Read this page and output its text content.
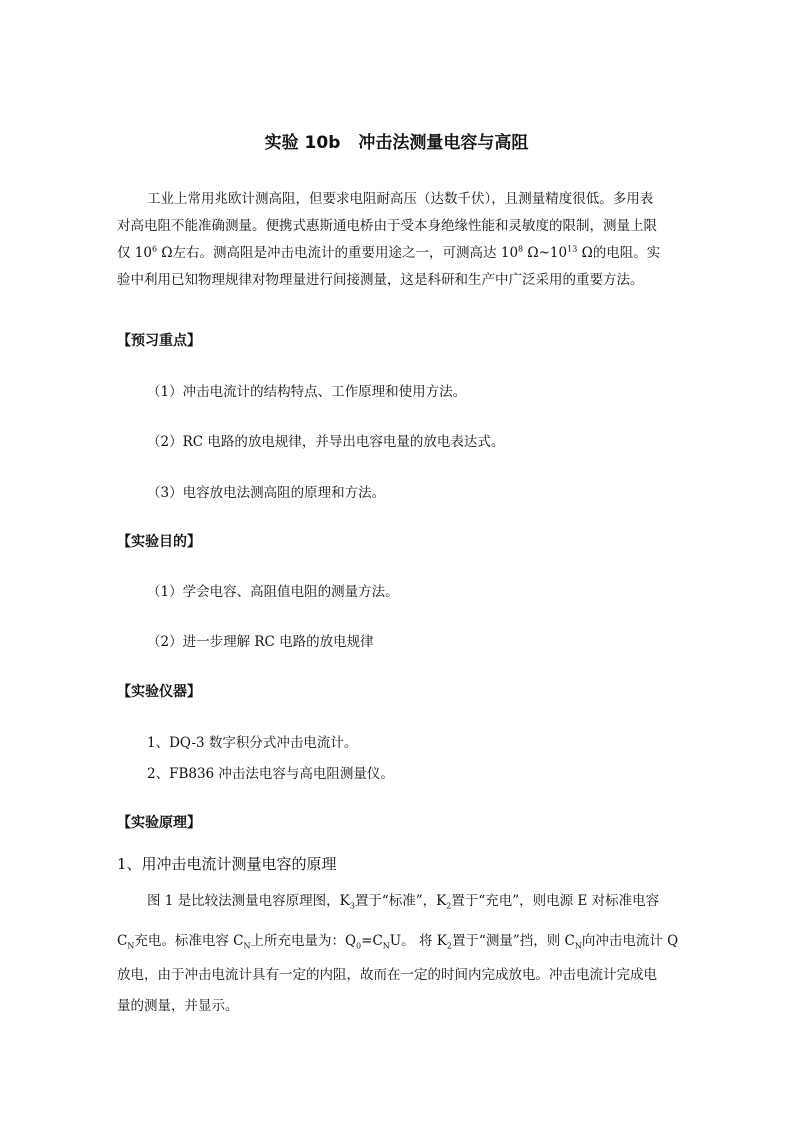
实验 10b 冲击法测量电容与高阻
工业上常用兆欧计测高阻，但要求电阻耐高压（达数千伏），且测量精度很低。多用表
对高电阻不能准确测量。便携式惠斯通电桥由于受本身绝缘性能和灵敏度的限制，测量上限
仅 $10^6$ Ω左右。测高阻是冲击电流计的重要用途之一，可测高达 $10^8$ $\Omega\sim 10^{13}$ Ω的电阻。实
验中利用已知物理规律对物理量进行间接测量，这是科研和生产中广泛采用的重要方法。
【预习重点】
（1）冲击电流计的结构特点、工作原理和使用方法。
（2）RC 电路的放电规律，并导出电容电量的放电表达式。
（3）电容放电法测高阻的原理和方法。
【实验目的】
（1）学会电容、高阻值电阻的测量方法。
（2）进一步理解 RC 电路的放电规律
【实验仪器】
1、DQ-3 数字积分式冲击电流计。
2、FB836 冲击法电容与高电阻测量仪。
【实验原理】
1、用冲击电流计测量电容的原理
图 1 是比较法测量电容原理图，$K_3$置于“标准”，$K_2$置于“充电”，则电源 E 对标准电容
$C_N$充电。标准电容 $C_N$上所充电量为：$Q_0=C_NU$。 将 $K_2$置于“测量”挡，则 $C_N$向冲击电流计 Q
放电，由于冲击电流计具有一定的内阻，故而在一定的时间内完成放电。冲击电流计完成电
量的测量，并显示。
